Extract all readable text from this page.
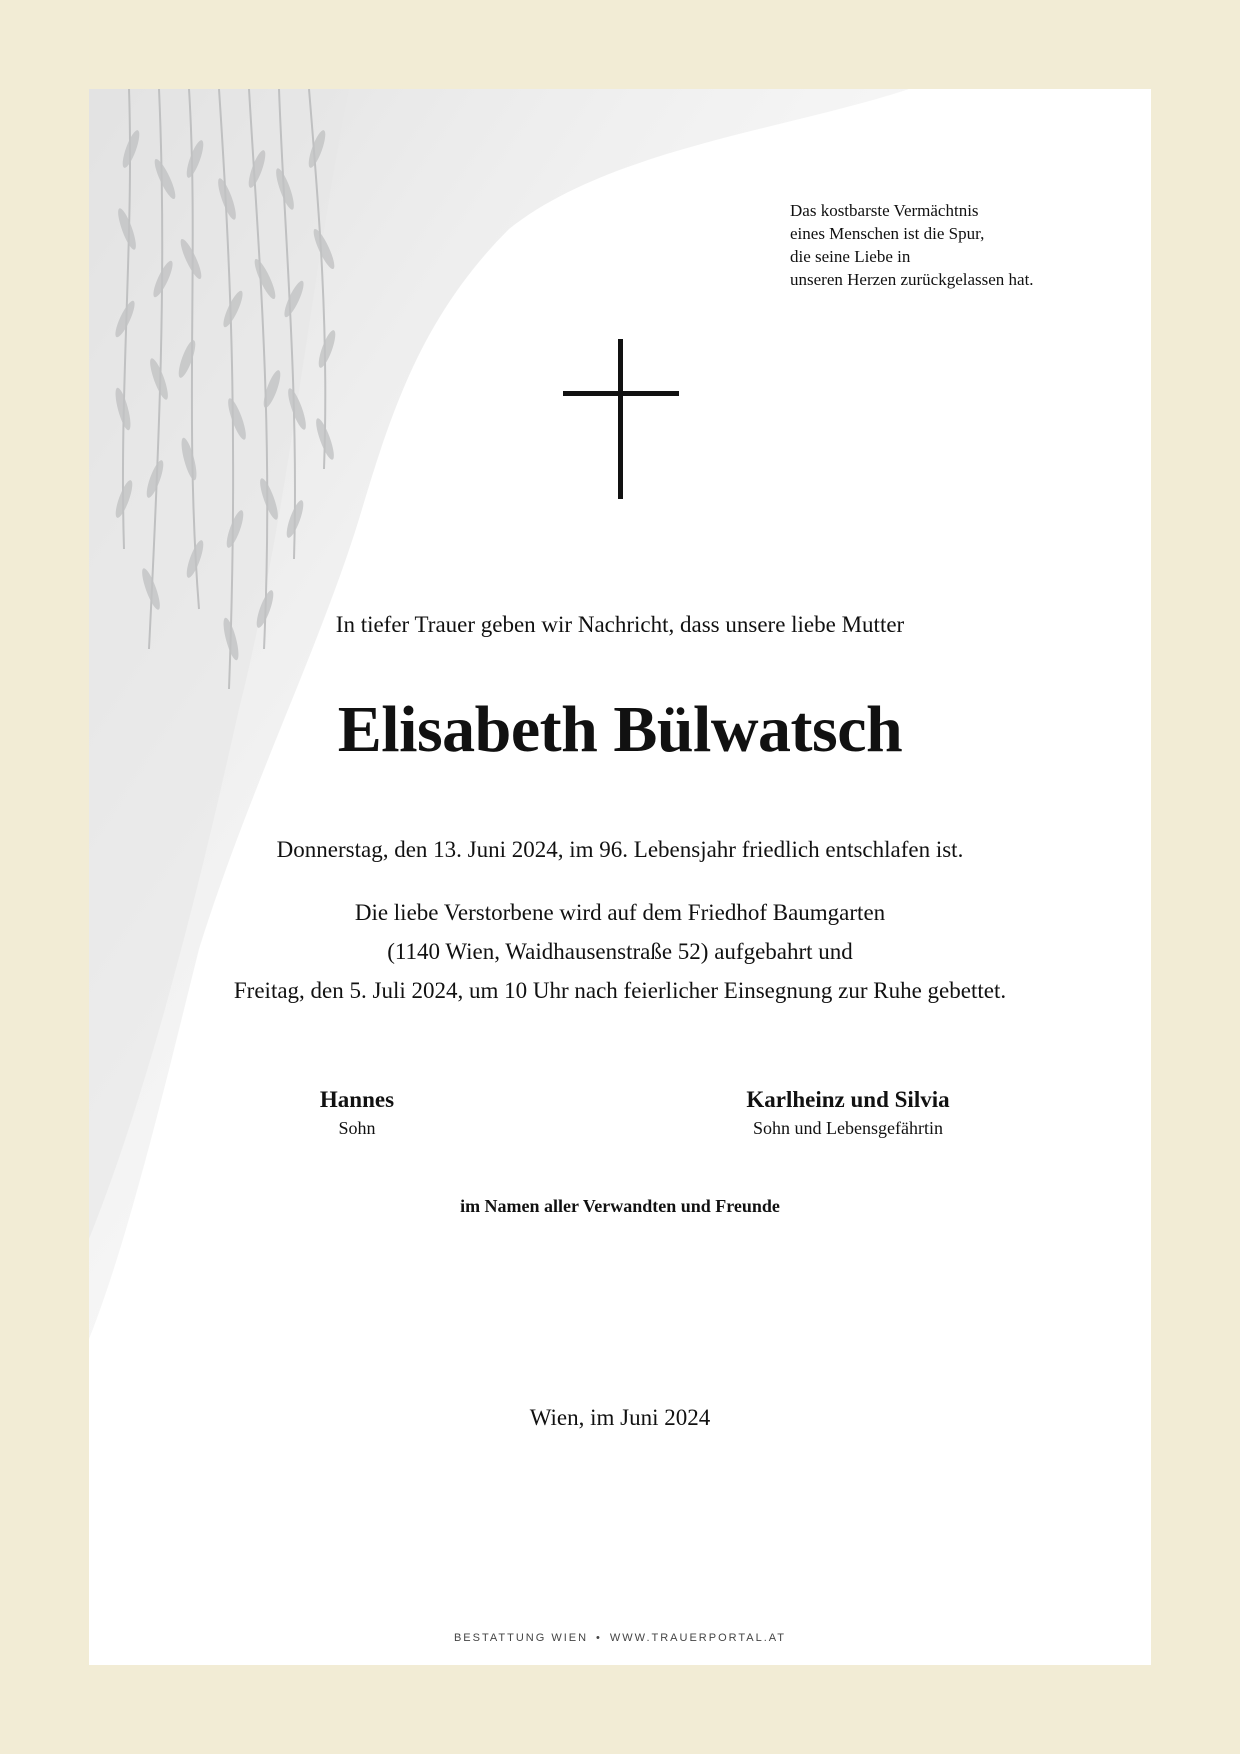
Das kostbarste Vermächtnis
eines Menschen ist die Spur,
die seine Liebe in
unseren Herzen zurückgelassen hat.
In tiefer Trauer geben wir Nachricht, dass unsere liebe Mutter
Elisabeth Bülwatsch
Donnerstag, den 13. Juni 2024, im 96. Lebensjahr friedlich entschlafen ist.
Die liebe Verstorbene wird auf dem Friedhof Baumgarten
(1140 Wien, Waidhausenstraße 52) aufgebahrt und
Freitag, den 5. Juli 2024, um 10 Uhr nach feierlicher Einsegnung zur Ruhe gebettet.
Hannes
Sohn
Karlheinz und Silvia
Sohn und Lebensgefährtin
im Namen aller Verwandten und Freunde
Wien, im Juni 2024
BESTATTUNG WIEN • WWW.TRAUERPORTAL.AT
